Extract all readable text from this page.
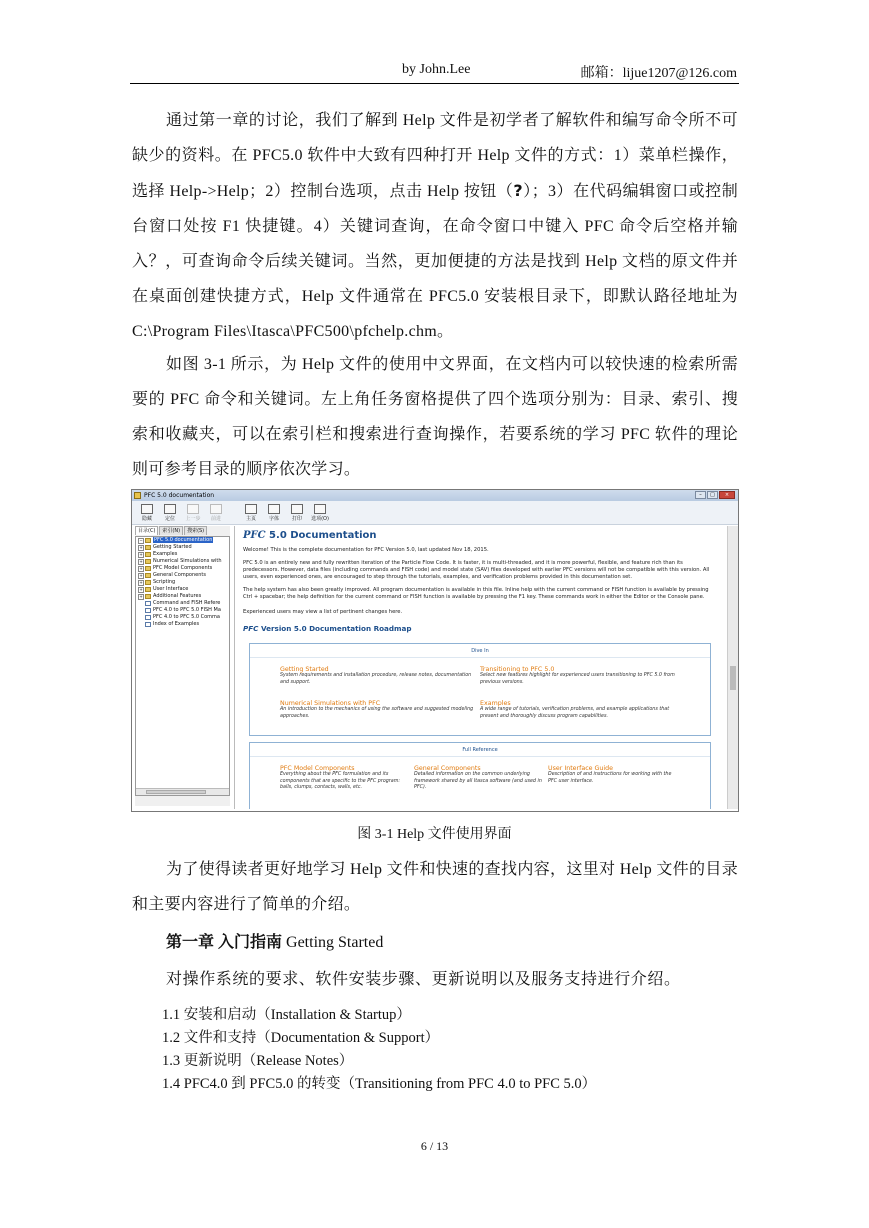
by John.Lee	邮箱：lijue1207@126.com
通过第一章的讨论，我们了解到 Help 文件是初学者了解软件和编写命令所不可缺少的资料。在 PFC5.0 软件中大致有四种打开 Help 文件的方式：1）菜单栏操作，选择 Help->Help；2）控制台选项，点击 Help 按钮（?）；3）在代码编辑窗口或控制台窗口处按 F1 快捷键。4）关键词查询，在命令窗口中键入 PFC 命令后空格并输入？，可查询命令后续关键词。当然，更加便捷的方法是找到 Help 文档的原文件并在桌面创建快捷方式，Help 文件通常在 PFC5.0 安装根目录下，即默认路径地址为 C:\Program Files\Itasca\PFC500\pfchelp.chm。
如图 3-1 所示，为 Help 文件的使用中文界面，在文档内可以较快速的检索所需要的 PFC 命令和关键词。左上角任务窗格提供了四个选项分别为：目录、索引、搜索和收藏夹，可以在索引栏和搜索进行查询操作，若要系统的学习 PFC 软件的理论则可参考目录的顺序依次学习。
PFC 5.0 documentation	–	□	×
隐藏	定位	上一步	前进	主页	字体	打印	选项(O)
目录(C)	索引(N)	搜索(S)
− PFC 5.0 documentation
+ Getting Started
+ Examples
+ Numerical Simulations with
+ PFC Model Components
+ General Components
+ Scripting
+ User Interface
+ Additional Features
Command and FISH Refere
PFC 4.0 to PFC 5.0 FISH Ma
PFC 4.0 to PFC 5.0 Comma
Index of Examples
PFC 5.0 Documentation
Welcome! This is the complete documentation for PFC Version 5.0, last updated Nov 18, 2015.
PFC 5.0 is an entirely new and fully rewritten iteration of the Particle Flow Code. It is faster, it is multi-threaded, and it is more powerful, flexible, and feature rich than its predecessors. However, data files (including commands and FISH code) and model state (SAV) files developed with earlier PFC versions will not be compatible with this version. All users, even experienced ones, are encouraged to step through the tutorials, examples, and verification problems provided in this documentation set.
The help system has also been greatly improved. All program documentation is available in this file. Inline help with the current command or FISH function is available by pressing Ctrl + spacebar; the help definition for the current command or FISH function is available by pressing the F1 key. These commands work in either the Editor or the Console pane.
Experienced users may view a list of pertinent changes here.
PFC Version 5.0 Documentation Roadmap
Dive In
Getting Started
System requirements and installation procedure, release notes, documentation and support.
Transitioning to PFC 5.0
Select new features highlight for experienced users transitioning to PFC 5.0 from previous versions.
Numerical Simulations with PFC
An introduction to the mechanics of using the software and suggested modeling approaches.
Examples
A wide range of tutorials, verification problems, and example applications that present and thoroughly discuss program capabilities.
Full Reference
PFC Model Components
Everything about the PFC formulation and its components that are specific to the PFC program: balls, clumps, contacts, walls, etc.
General Components
Detailed information on the common underlying framework shared by all Itasca software (and used in PFC).
User Interface Guide
Description of and instructions for working with the PFC user interface.
图 3-1 Help 文件使用界面
为了使得读者更好地学习 Help 文件和快速的查找内容，这里对 Help 文件的目录和主要内容进行了简单的介绍。
第一章 入门指南 Getting Started
对操作系统的要求、软件安装步骤、更新说明以及服务支持进行介绍。
1.1 安装和启动（Installation & Startup）
1.2 文件和支持（Documentation & Support）
1.3 更新说明（Release Notes）
1.4 PFC4.0 到 PFC5.0 的转变（Transitioning from PFC 4.0 to PFC 5.0）
6 / 13
